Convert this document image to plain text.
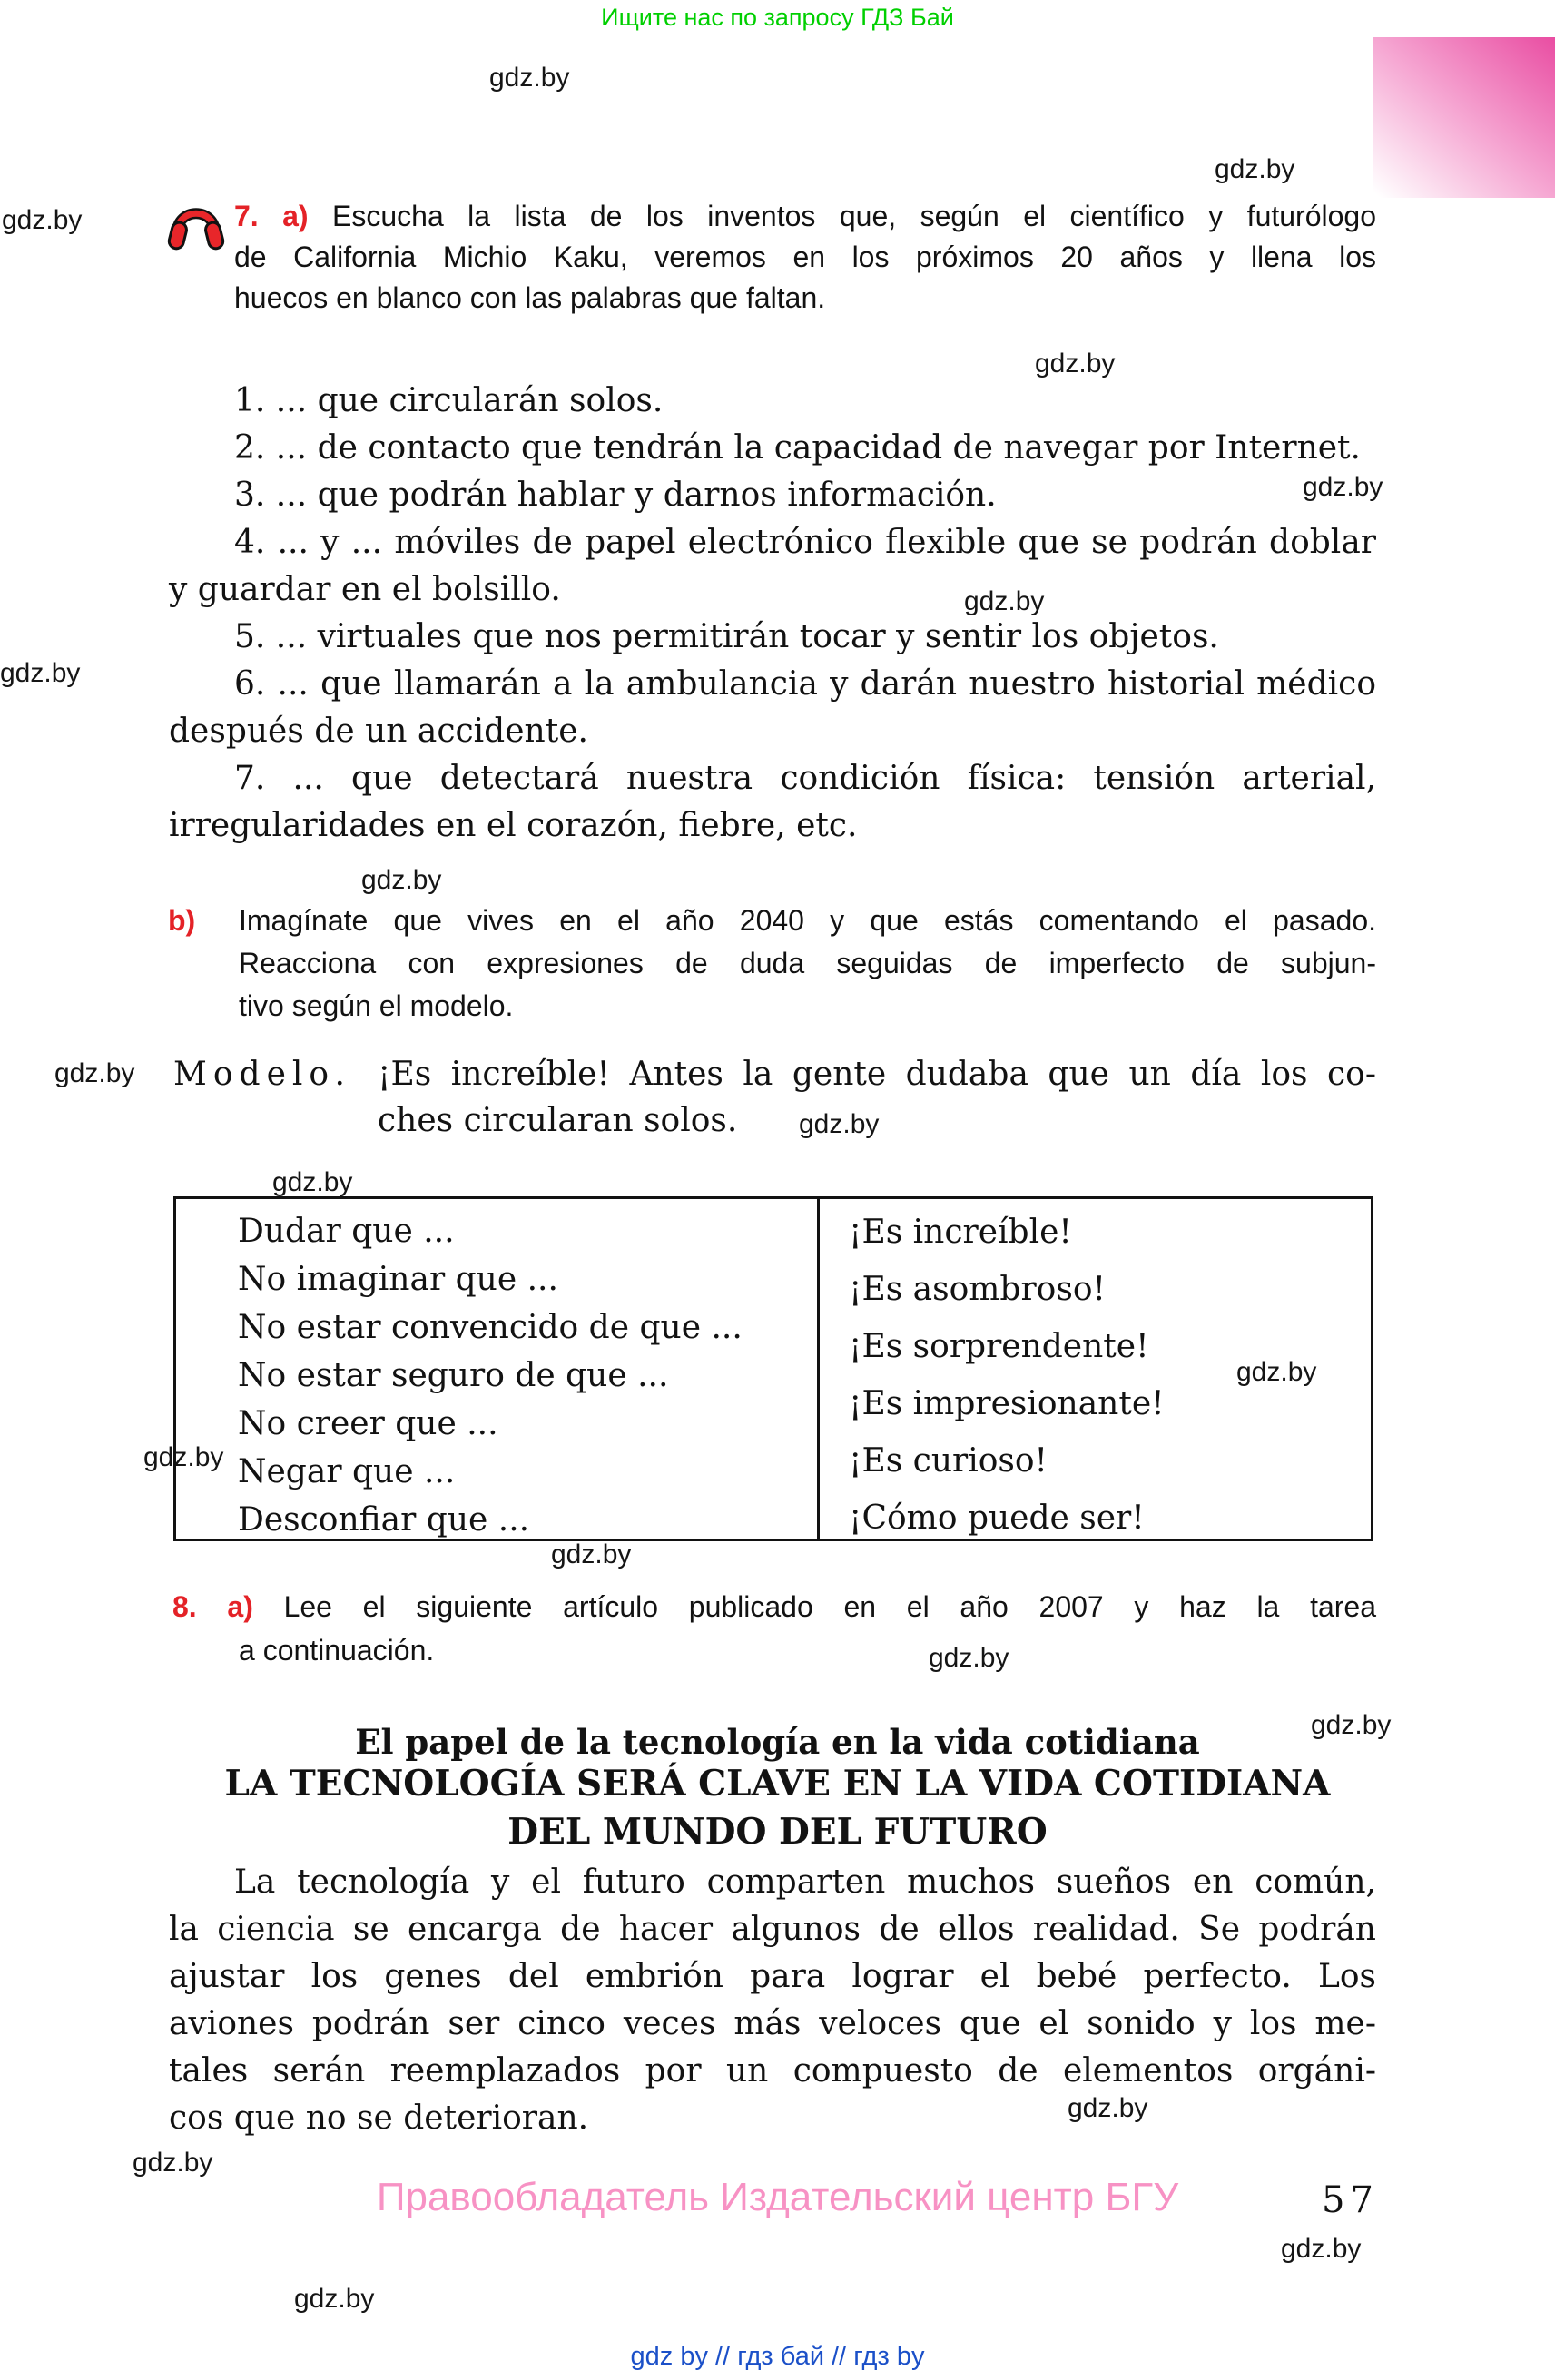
Ищите нас по запросу ГДЗ Бай
gdz.by
gdz.by
gdz.by
gdz.by
gdz.by
gdz.by
gdz.by
gdz.by
gdz.by
gdz.by
gdz.by
gdz.by
gdz.by
gdz.by
gdz.by
gdz.by
gdz.by
gdz.by
gdz.by
gdz.by
7. a) Escucha la lista de los inventos que, según el científico y futurólogo
de California Michio Kaku, veremos en los próximos 20 años y llena los
huecos en blanco con las palabras que faltan.

1. ... que circularán solos.

2. ... de contacto que tendrán la capacidad de navegar por Internet.

3. ... que podrán hablar y darnos información.

4. ... y ... móviles de papel electrónico flexible que se podrán doblar y guardar en el bolsillo.

5. ... virtuales que nos permitirán tocar y sentir los objetos.

6. ... que llamarán a la ambulancia y darán nuestro historial médico después de un accidente.

7. ... que detectará nuestra condición física: tensión arterial, irregularidades en el corazón, fiebre, etc.

b) Imagínate que vives en el año 2040 y que estás comentando el pasado.
Reacciona con expresiones de duda seguidas de imperfecto de subjun-
tivo según el modelo.
Modelo. ¡Es increíble! Antes la gente dudaba que un día los co-
ches circularan solos.
Dudar que ...
No imaginar que ...
No estar convencido de que ...
No estar seguro de que ...
No creer que ...
Negar que ...
Desconfiar que ...
¡Es increíble!
¡Es asombroso!
¡Es sorprendente!
¡Es impresionante!
¡Es curioso!
¡Cómo puede ser!
8. a) Lee el siguiente artículo publicado en el año 2007 y haz la tarea
a continuación.
El papel de la tecnología en la vida cotidiana
LA TECNOLOGÍA SERÁ CLAVE EN LA VIDA COTIDIANA
DEL MUNDO DEL FUTURO
La tecnología y el futuro comparten muchos sueños en común,
la ciencia se encarga de hacer algunos de ellos realidad. Se podrán
ajustar los genes del embrión para lograr el bebé perfecto. Los
aviones podrán ser cinco veces más veloces que el sonido y los me-
tales serán reemplazados por un compuesto de elementos orgáni-
cos que no se deterioran.
Правообладатель Издательский центр БГУ	57
gdz by // гдз бай // гдз by
